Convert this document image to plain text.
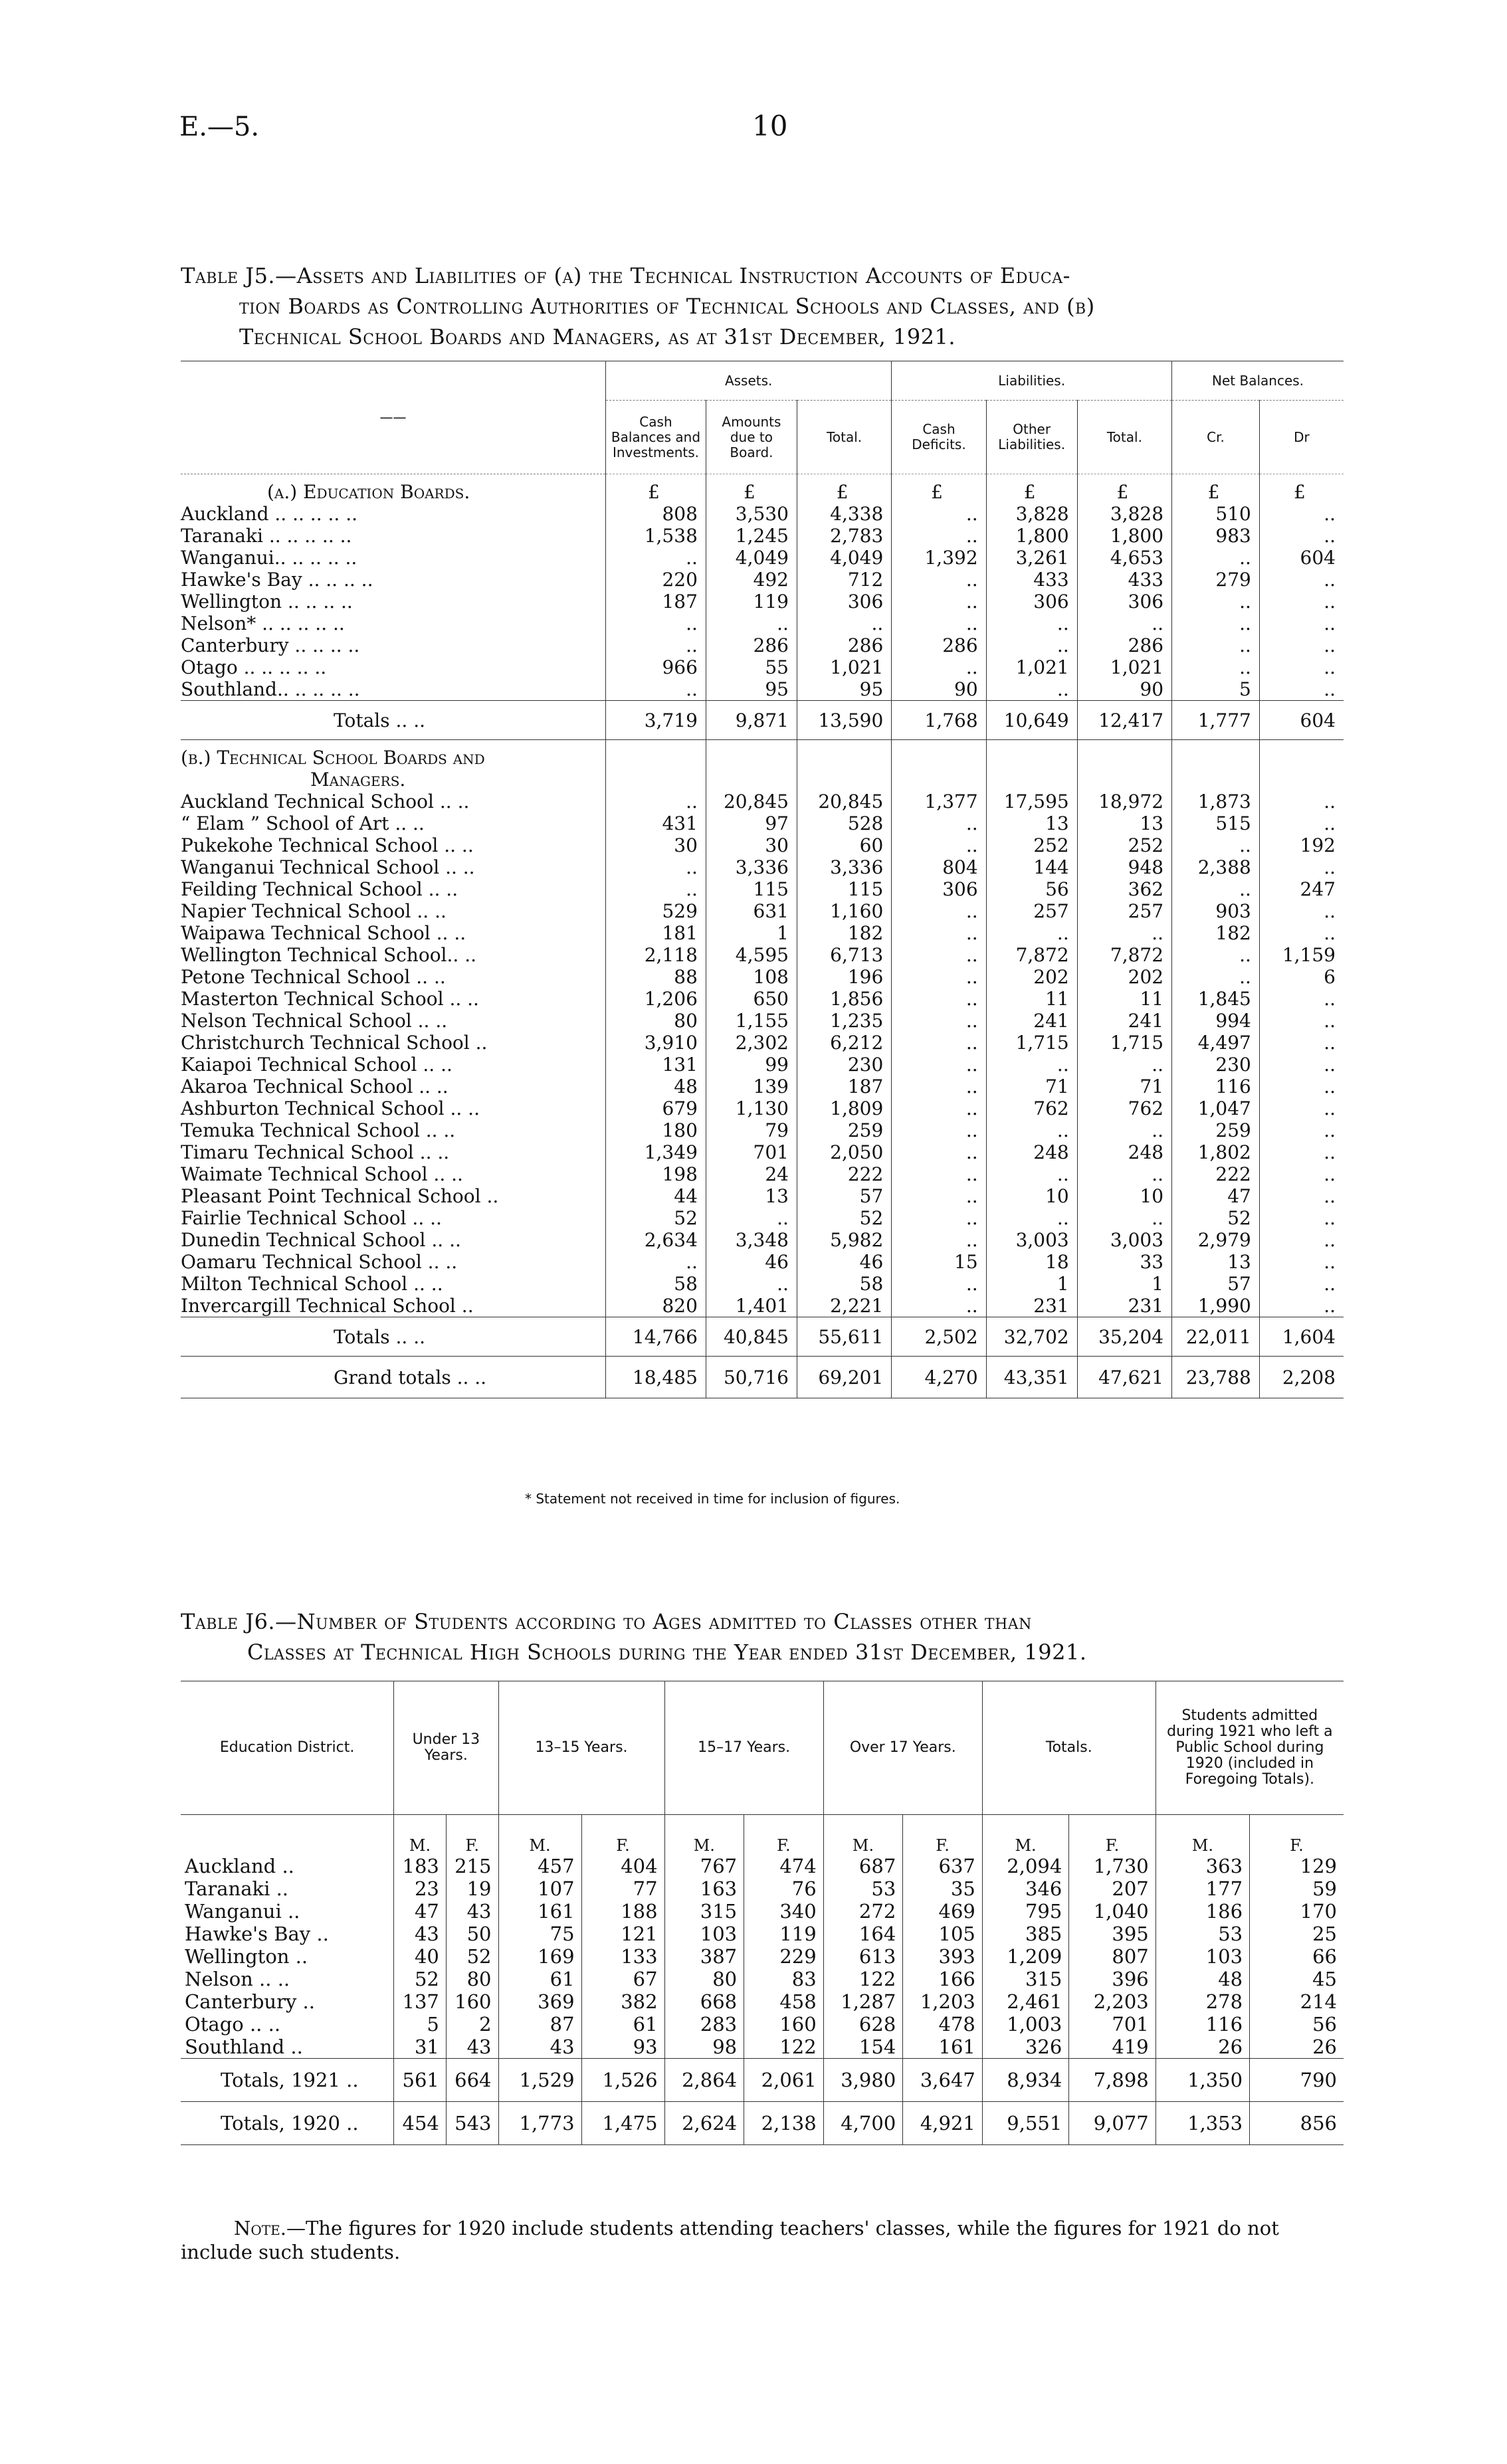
E.—5.	10
Table J5.—Assets and Liabilities of (a) the Technical Instruction Accounts of Educa-
tion Boards as Controlling Authorities of Technical Schools and Classes, and (b)
Technical School Boards and Managers, as at 31st December, 1921.
——	Assets.			Liabilities.			Net Balances.	
	Cash Balances and Investments.	Amounts due to Board.	Total.	Cash Deficits.	Other Liabilities.	Total.	Cr.	Dr
(a.) Education Boards.	£	£	£	£	£	£	£	£
Auckland .. .. .. .. ..	808	3,530	4,338	..	3,828	3,828	510	..
Taranaki .. .. .. .. ..	1,538	1,245	2,783	..	1,800	1,800	983	..
Wanganui.. .. .. .. ..	..	4,049	4,049	1,392	3,261	4,653	..	604
Hawke's Bay .. .. .. ..	220	492	712	..	433	433	279	..
Wellington .. .. .. ..	187	119	306	..	306	306	..	..
Nelson* .. .. .. .. ..	..	..	..	..	..	..	..	..
Canterbury .. .. .. ..	..	286	286	286	..	286	..	..
Otago .. .. .. .. ..	966	55	1,021	..	1,021	1,021	..	..
Southland.. .. .. .. ..	..	95	95	90	..	90	5	..
Totals .. ..	3,719	9,871	13,590	1,768	10,649	12,417	1,777	604
(b.) Technical School Boards and								
Managers.								
Auckland Technical School .. ..	..	20,845	20,845	1,377	17,595	18,972	1,873	..
“ Elam ” School of Art .. ..	431	97	528	..	13	13	515	..
Pukekohe Technical School .. ..	30	30	60	..	252	252	..	192
Wanganui Technical School .. ..	..	3,336	3,336	804	144	948	2,388	..
Feilding Technical School .. ..	..	115	115	306	56	362	..	247
Napier Technical School .. ..	529	631	1,160	..	257	257	903	..
Waipawa Technical School .. ..	181	1	182	..	..	..	182	..
Wellington Technical School.. ..	2,118	4,595	6,713	..	7,872	7,872	..	1,159
Petone Technical School .. ..	88	108	196	..	202	202	..	6
Masterton Technical School .. ..	1,206	650	1,856	..	11	11	1,845	..
Nelson Technical School .. ..	80	1,155	1,235	..	241	241	994	..
Christchurch Technical School ..	3,910	2,302	6,212	..	1,715	1,715	4,497	..
Kaiapoi Technical School .. ..	131	99	230	..	..	..	230	..
Akaroa Technical School .. ..	48	139	187	..	71	71	116	..
Ashburton Technical School .. ..	679	1,130	1,809	..	762	762	1,047	..
Temuka Technical School .. ..	180	79	259	..	..	..	259	..
Timaru Technical School .. ..	1,349	701	2,050	..	248	248	1,802	..
Waimate Technical School .. ..	198	24	222	..	..	..	222	..
Pleasant Point Technical School ..	44	13	57	..	10	10	47	..
Fairlie Technical School .. ..	52	..	52	..	..	..	52	..
Dunedin Technical School .. ..	2,634	3,348	5,982	..	3,003	3,003	2,979	..
Oamaru Technical School .. ..	..	46	46	15	18	33	13	..
Milton Technical School .. ..	58	..	58	..	1	1	57	..
Invercargill Technical School ..	820	1,401	2,221	..	231	231	1,990	..
Totals .. ..	14,766	40,845	55,611	2,502	32,702	35,204	22,011	1,604
Grand totals .. ..	18,485	50,716	69,201	4,270	43,351	47,621	23,788	2,208
* Statement not received in time for inclusion of figures.
Table J6.—Number of Students according to Ages admitted to Classes other than
Classes at Technical High Schools during the Year ended 31st December, 1921.
Education District.	Under 13 Years.		13–15 Years.		15–17 Years.		Over 17 Years.		Totals.		Students admitted during 1921 who left a Public School during 1920 (included in Foregoing Totals).	
	M.	F.	M.	F.	M.	F.	M.	F.	M.	F.	M.	F.
Auckland ..	183	215	457	404	767	474	687	637	2,094	1,730	363	129
Taranaki ..	23	19	107	77	163	76	53	35	346	207	177	59
Wanganui ..	47	43	161	188	315	340	272	469	795	1,040	186	170
Hawke's Bay ..	43	50	75	121	103	119	164	105	385	395	53	25
Wellington ..	40	52	169	133	387	229	613	393	1,209	807	103	66
Nelson .. ..	52	80	61	67	80	83	122	166	315	396	48	45
Canterbury ..	137	160	369	382	668	458	1,287	1,203	2,461	2,203	278	214
Otago .. ..	5	2	87	61	283	160	628	478	1,003	701	116	56
Southland ..	31	43	43	93	98	122	154	161	326	419	26	26
Totals, 1921 ..	561	664	1,529	1,526	2,864	2,061	3,980	3,647	8,934	7,898	1,350	790
Totals, 1920 ..	454	543	1,773	1,475	2,624	2,138	4,700	4,921	9,551	9,077	1,353	856
Note.—The figures for 1920 include students attending teachers' classes, while the figures for 1921 do not include such students.
